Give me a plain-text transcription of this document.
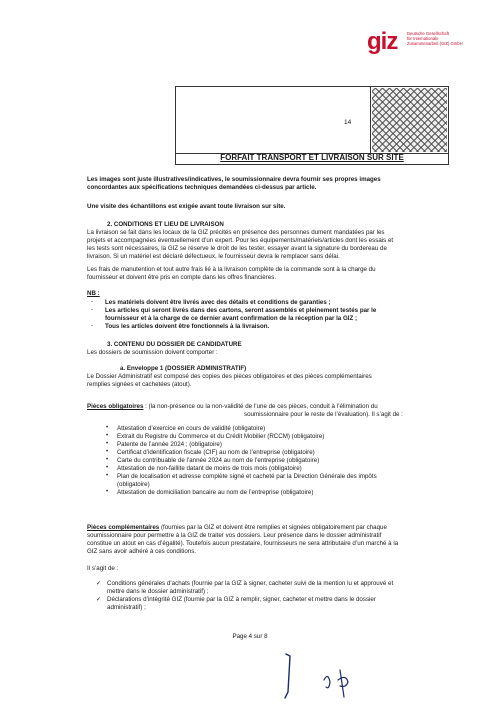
giz Deutsche Gesellschaft
für Internationale
Zusammenarbeit (GIZ) GmbH
14
FORFAIT TRANSPORT ET LIVRAISON SUR SITE
Les images sont juste illustratives/indicatives, le soumissionnaire devra fournir ses propres images
concordantes aux spécifications techniques demandées ci-dessus par article.
Une visite des échantillons est exigée avant toute livraison sur site.
2. CONDITIONS ET LIEU DE LIVRAISON
La livraison se fait dans les locaux de la GIZ précités en présence des personnes dument mandatées par les
projets et accompagnées éventuellement d’un expert. Pour les équipements/matériels/articles dont les essais et
les tests sont nécessaires, la GIZ se réserve le droit de les tester, essayer avant la signature du bordereau de
livraison. Si un matériel est déclaré défectueux, le fournisseur devra le remplacer sans délai.
Les frais de manutention et tout autre frais lié à la livraison complète de la commande sont à la charge du
fournisseur et doivent être pris en compte dans les offres financières.
NB :
- Les matériels doivent être livrés avec des détails et conditions de garanties ;
- Les articles qui seront livrés dans des cartons, seront assemblés et pleinement testés par le
fournisseur et à la charge de ce dernier avant confirmation de la réception par la GIZ ;
- Tous les articles doivent être fonctionnels à la livraison.
3. CONTENU DU DOSSIER DE CANDIDATURE
Les dossiers de soumission doivent comporter :
a. Enveloppe 1 (DOSSIER ADMINISTRATIF)
Le Dossier Administratif est composé des copies des pièces obligatoires et des pièces complémentaires
remplies signées et cachetées (atout).
Pièces obligatoires : (la non-présence ou la non-validité de l’une de ces pièces, conduit à l’élimination du
soumissionnaire pour le reste de l’évaluation). Il s’agit de :
• Attestation d’exercice en cours de validité (obligatoire)
• Extrait du Registre du Commerce et du Crédit Mobilier (RCCM) (obligatoire)
• Patente de l’année 2024 ; (obligatoire)
• Certificat d’identification fiscale (CIF) au nom de l’entreprise (obligatoire)
• Carte du contribuable de l’année 2024 au nom de l’entreprise (obligatoire)
• Attestation de non-faillite datant de moins de trois mois (obligatoire)
• Plan de localisation et adresse complète signé et cacheté par la Direction Générale des impôts
(obligatoire)
• Attestation de domiciliation bancaire au nom de l’entreprise (obligatoire)
Pièces complémentaires (fournies par la GIZ et doivent être remplies et signées obligatoirement par chaque
soumissionnaire pour permettre à la GIZ de traiter vos dossiers. Leur présence dans le dossier administratif
constitue un atout en cas d’égalité). Toutefois aucun prestataire, fournisseurs ne sera attributaire d’un marché à la
GIZ sans avoir adhéré à ces conditions.
Il s’agit de :
✓ Conditions générales d’achats (fournie par la GIZ à signer, cacheter suivi de la mention lu et approuvé et
mettre dans le dossier administratif) ;
✓ Déclarations d’intégrité GIZ (fournie par la GIZ à remplir, signer, cacheter et mettre dans le dossier
administratif) ;
Page 4 sur 8
